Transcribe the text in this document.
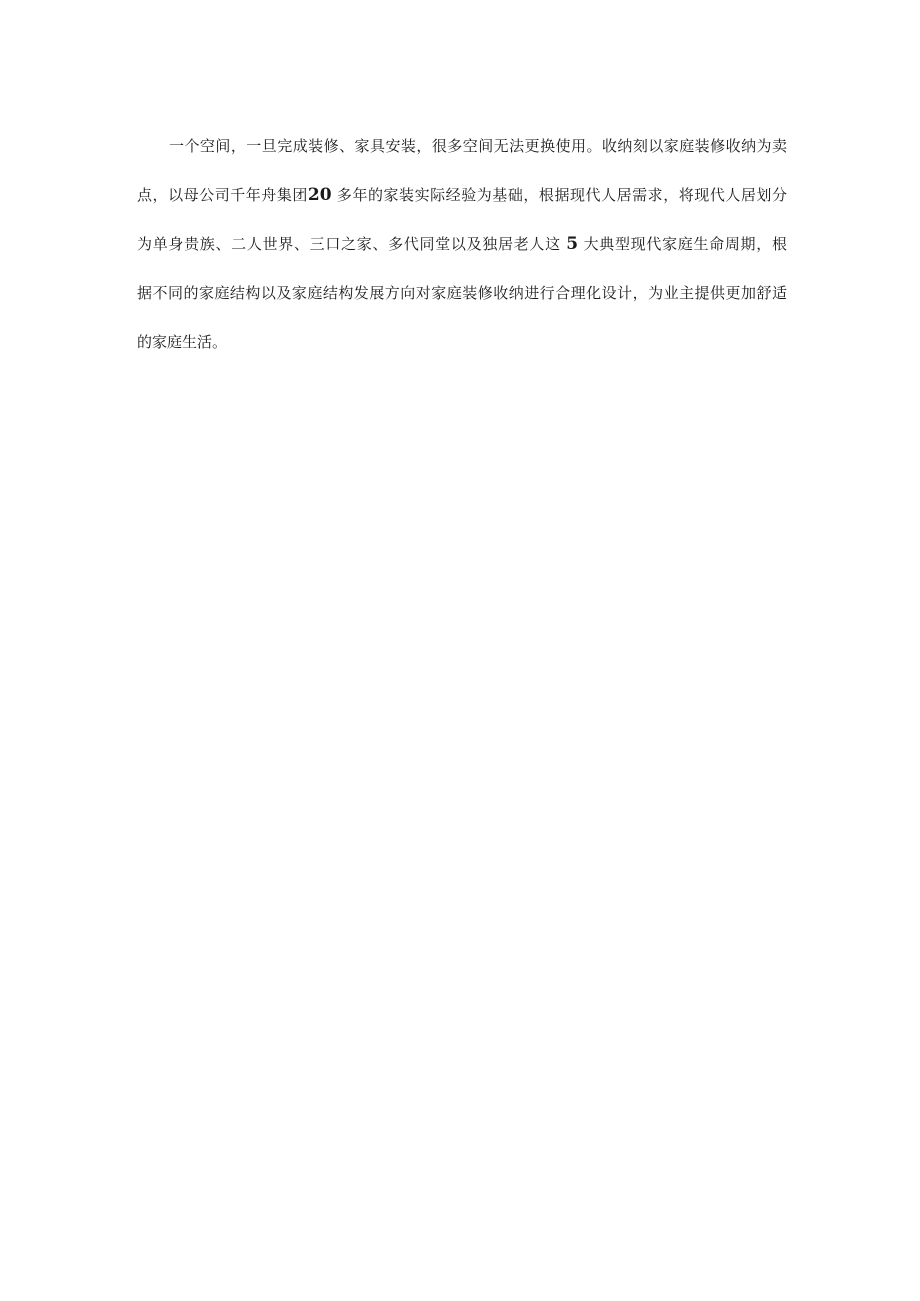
一个空间，一旦完成装修、家具安装，很多空间无法更换使用。收纳刻以家庭装修收纳为卖
点，以母公司千年舟集团20 多年的家装实际经验为基础，根据现代人居需求，将现代人居划分
为单身贵族、二人世界、三口之家、多代同堂以及独居老人这 5 大典型现代家庭生命周期，根
据不同的家庭结构以及家庭结构发展方向对家庭装修收纳进行合理化设计，为业主提供更加舒适
的家庭生活。
